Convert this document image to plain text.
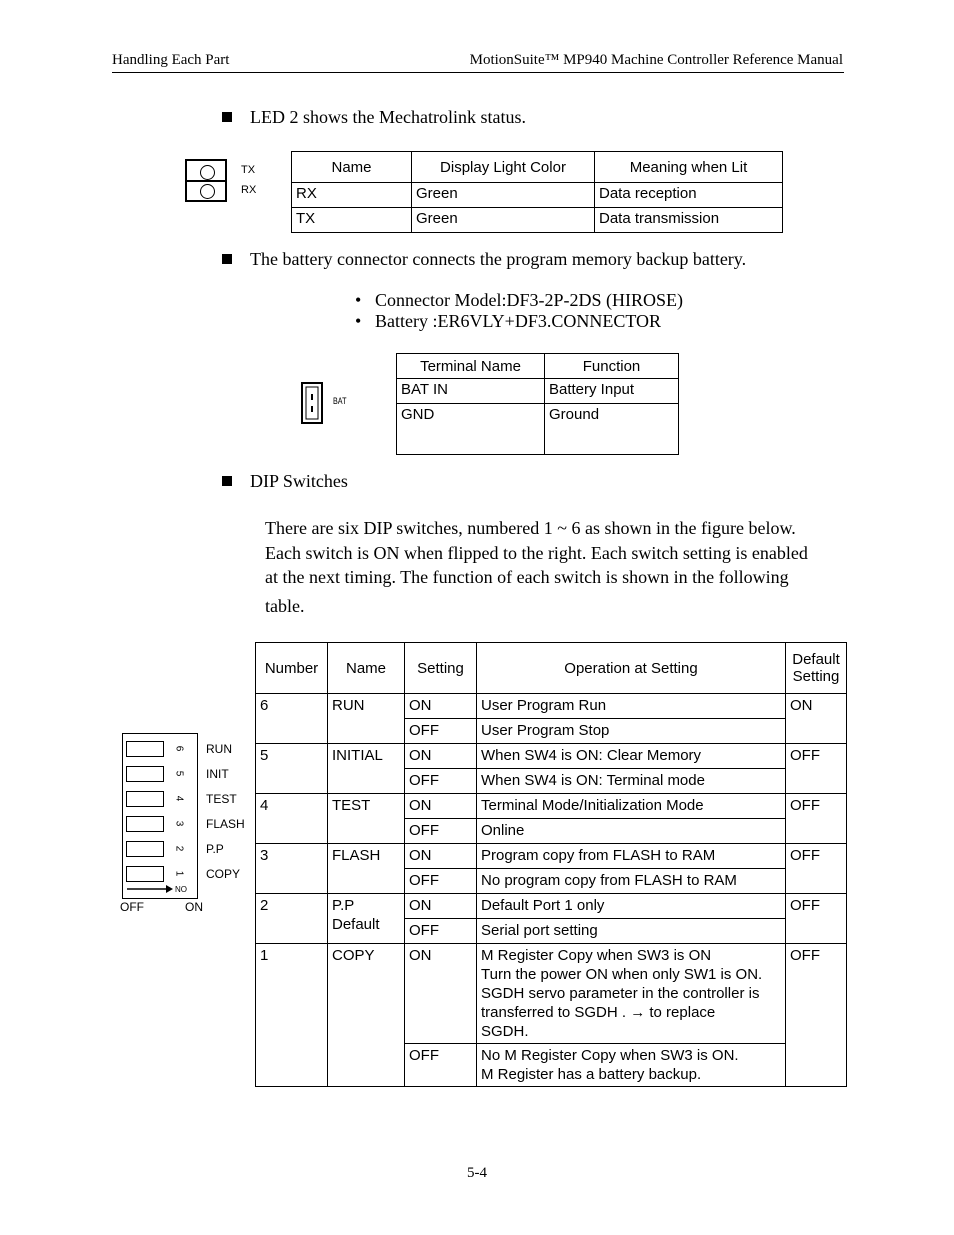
Handling Each Part	MotionSuite™ MP940 Machine Controller Reference Manual
LED 2 shows the Mechatrolink status.
TX
RX
Name	Display Light Color	Meaning when Lit
RX	Green	Data reception
TX	Green	Data transmission
The battery connector connects the program memory backup battery.
• Connector Model:DF3-2P-2DS (HIROSE)
• Battery :ER6VLY+DF3.CONNECTOR
BAT
Terminal Name	Function
BAT IN	Battery Input
GND	Ground
DIP Switches
There are six DIP switches, numbered 1 ~ 6 as shown in the figure below.
Each switch is ON when flipped to the right. Each switch setting is enabled
at the next timing. The function of each switch is shown in the following
table.
6
5
4
3
2
1
NO
RUN
INIT
TEST
FLASH
P.P
COPY
OFF	ON
Number	Name	Setting	Operation at Setting	Default Setting
6	RUN	ON	User Program Run	ON
		OFF	User Program Stop	
5	INITIAL	ON	When SW4 is ON: Clear Memory	OFF
		OFF	When SW4 is ON: Terminal mode	
4	TEST	ON	Terminal Mode/Initialization Mode	OFF
		OFF	Online	
3	FLASH	ON	Program copy from FLASH to RAM	OFF
		OFF	No program copy from FLASH to RAM	
2	P.P Default	ON	Default Port 1 only	OFF
		OFF	Serial port setting	
1	COPY	ON	M Register Copy when SW3 is ON
Turn the power ON when only SW1 is ON.
SGDH servo parameter in the controller is
transferred to SGDH . → to replace
SGDH.	OFF
		OFF	No M Register Copy when SW3 is ON.
M Register has a battery backup.	
5-4
